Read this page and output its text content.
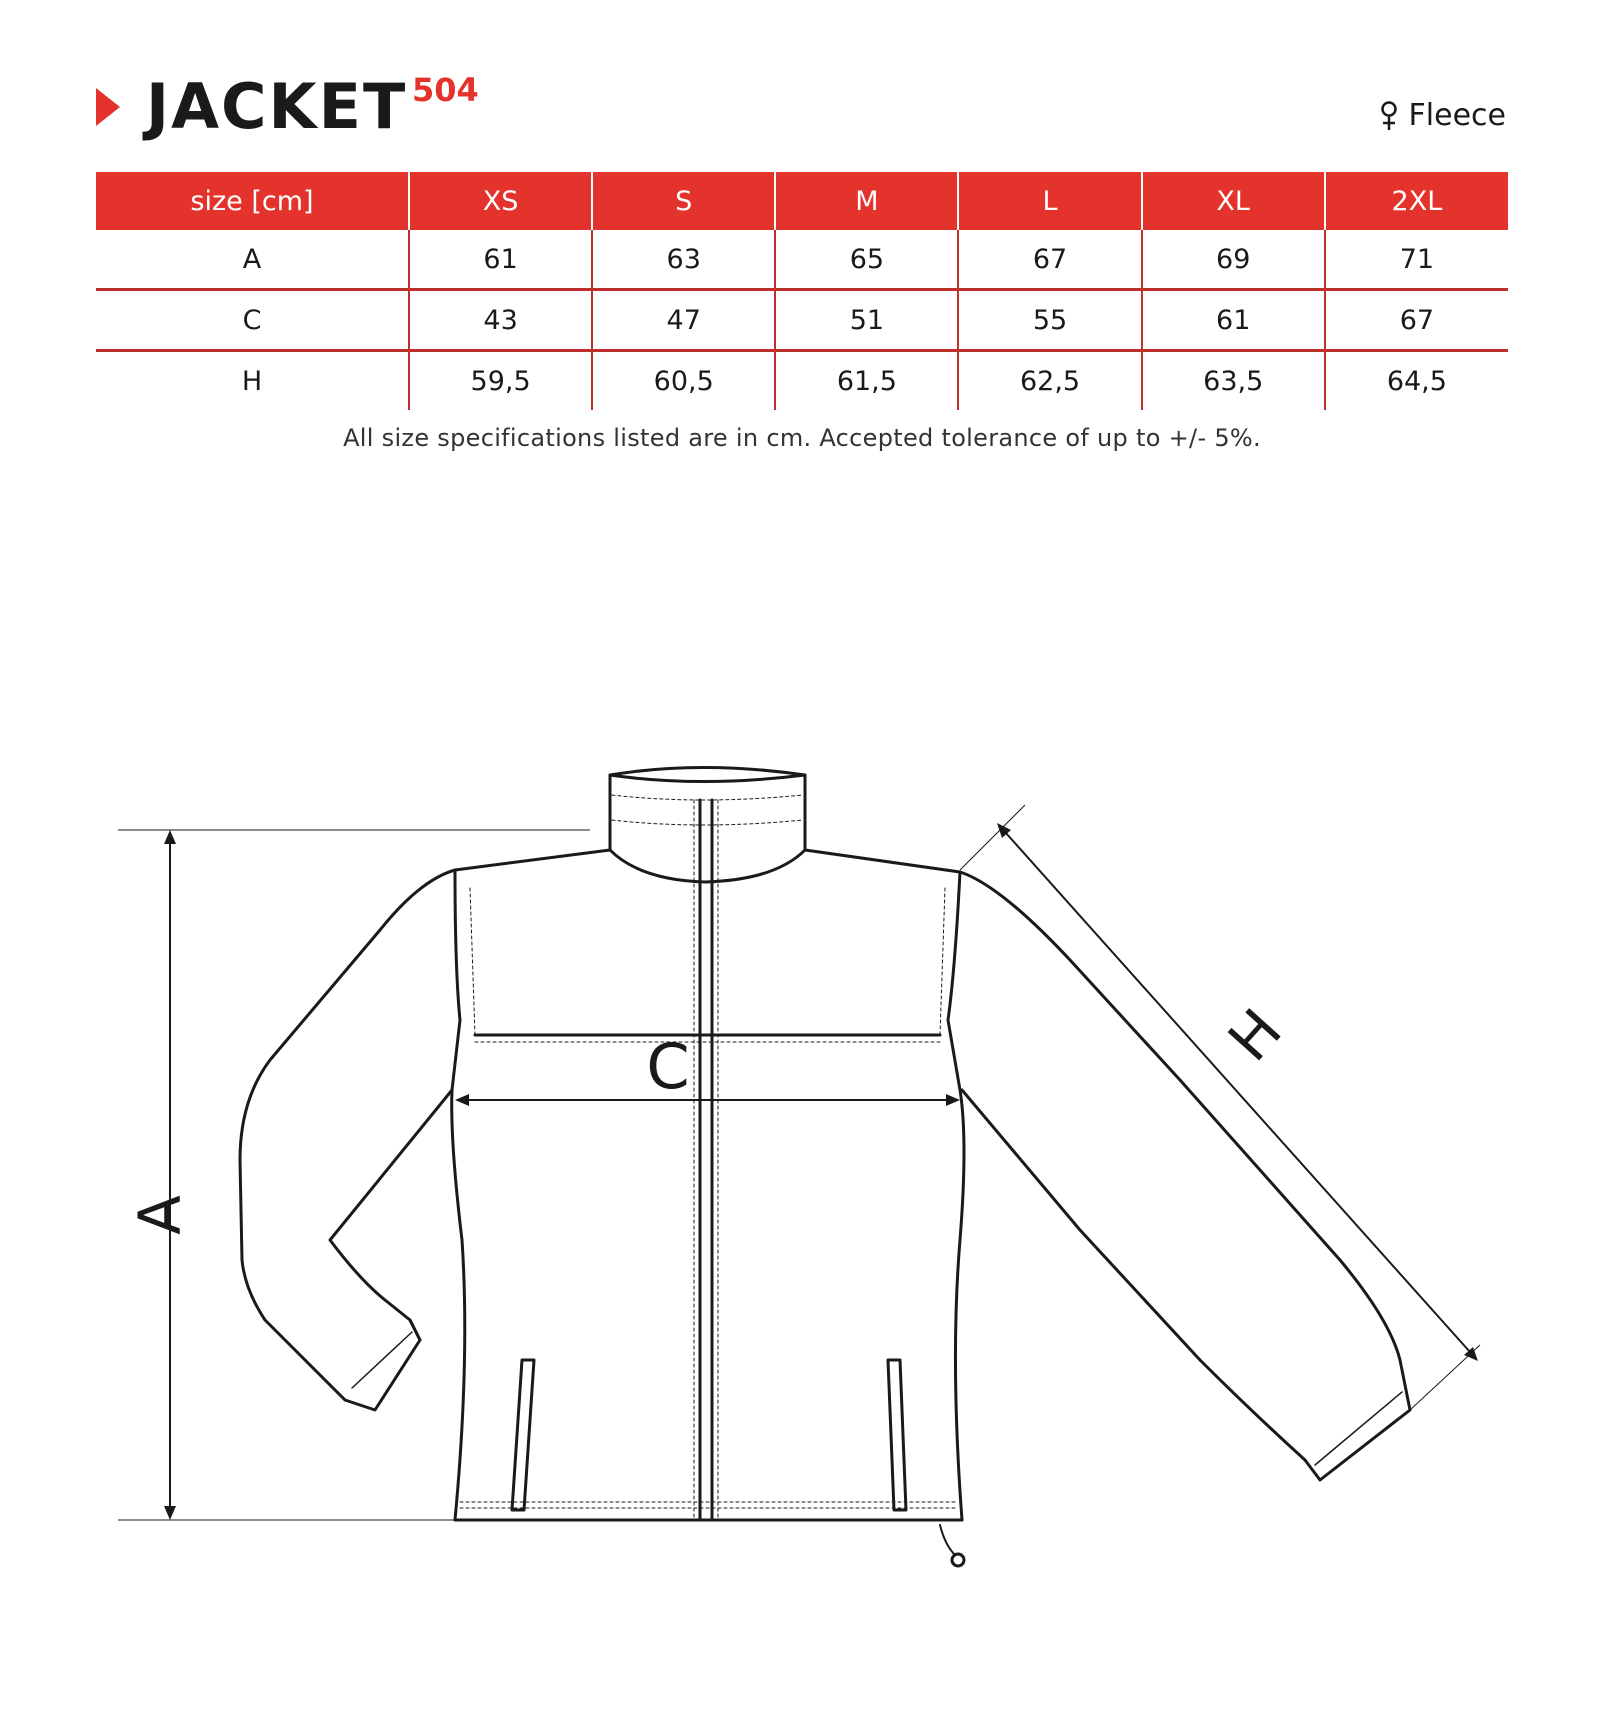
JACKET 504
Fleece
size [cm]	XS	S	M	L	XL	2XL
A	61	63	65	67	69	71
C	43	47	51	55	61	67
H	59,5	60,5	61,5	62,5	63,5	64,5
All size specifications listed are in cm. Accepted tolerance of up to +/- 5%.
A
C	H
